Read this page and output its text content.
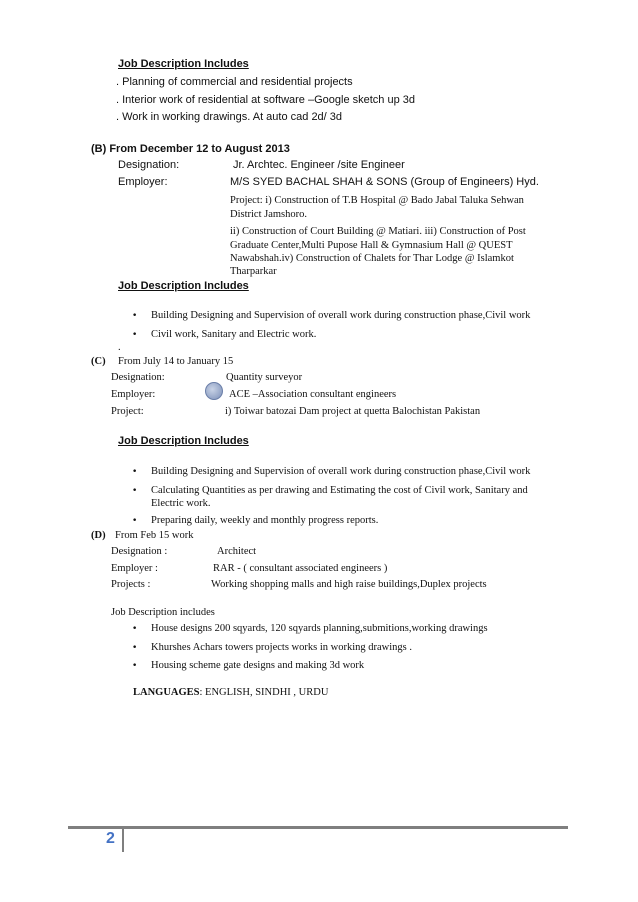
Job Description Includes
. Planning of commercial and residential projects
. Interior work of residential at software –Google sketch up 3d
. Work in working drawings. At auto cad 2d/ 3d
(B) From December 12 to August 2013
Designation:	Jr. Archtec. Engineer /site Engineer
Employer:	M/S SYED BACHAL SHAH & SONS (Group of Engineers) Hyd.
Project: i) Construction of T.B Hospital @ Bado Jabal Taluka Sehwan
District Jamshoro.
ii) Construction of Court Building @ Matiari. iii) Construction of Post
Graduate Center,Multi Pupose Hall & Gymnasium Hall @ QUEST
Nawabshah.iv) Construction of Chalets for Thar Lodge @ Islamkot
Tharparkar
Job Description Includes
• Building Designing and Supervision of overall work during construction phase,Civil work
• Civil work, Sanitary and Electric work.
.
(C) From July 14 to January 15
Designation:	Quantity surveyor
Employer:	ACE –Association consultant engineers
Project:	i) Toiwar batozai Dam project at quetta Balochistan Pakistan
Job Description Includes
• Building Designing and Supervision of overall work during construction phase,Civil work
• Calculating Quantities as per drawing and Estimating the cost of Civil work, Sanitary and
Electric work.
• Preparing daily, weekly and monthly progress reports.
(D) From Feb 15 work
Designation :	Architect
Employer :	RAR - ( consultant associated engineers )
Projects :	Working shopping malls and high raise buildings,Duplex projects
Job Description includes
• House designs 200 sqyards, 120 sqyards planning,submitions,working drawings
• Khurshes Achars towers projects works in working drawings .
• Housing scheme gate designs and making 3d work
LANGUAGES: ENGLISH, SINDHI , URDU
2
